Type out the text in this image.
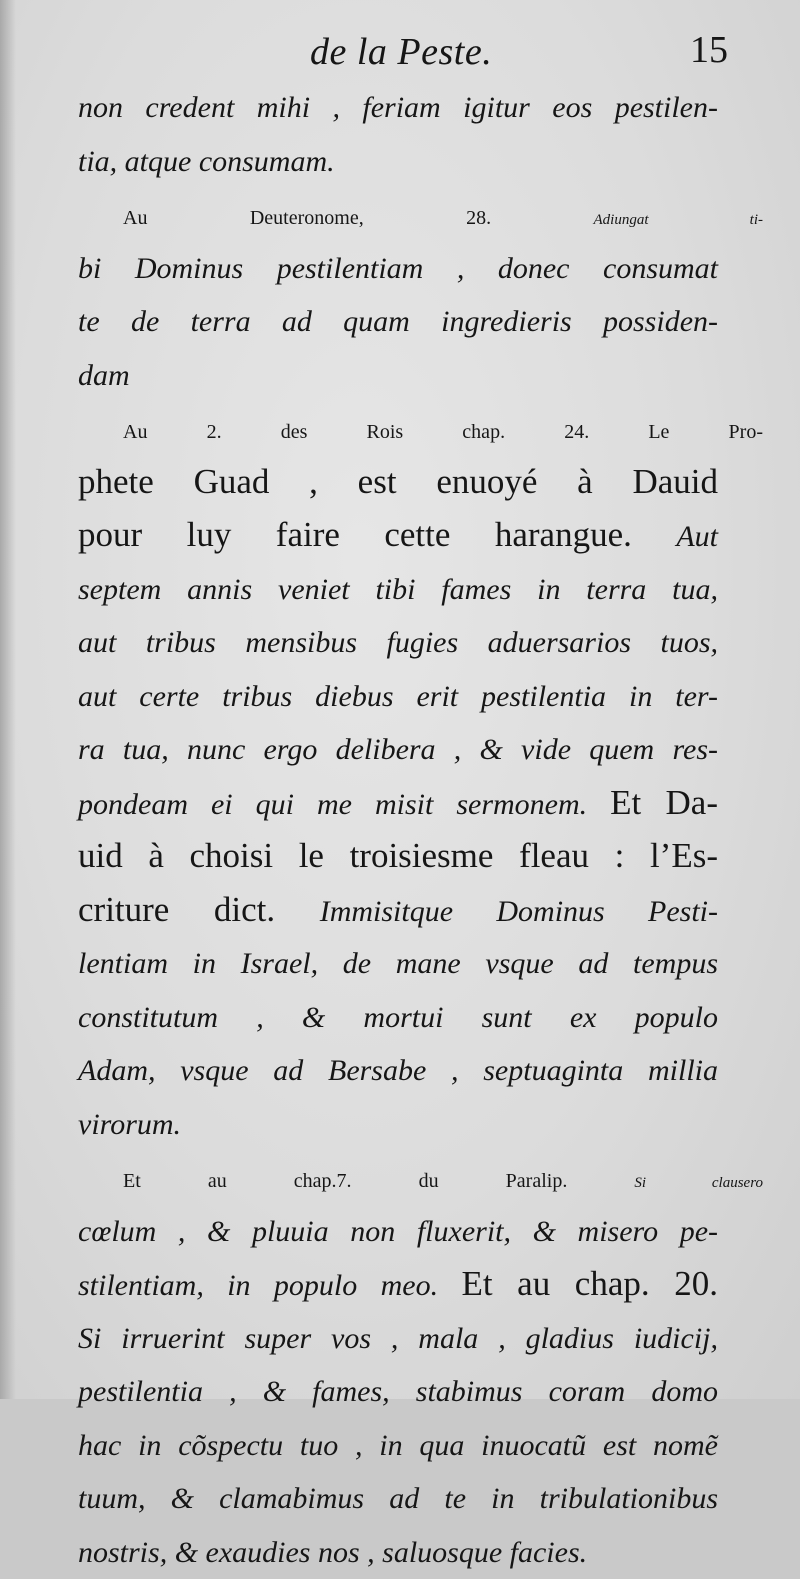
de la Peste.	15
non credent mihi , feriam igitur eos pestilen-
tia, atque consumam.
Au Deuteronome, 28. Adiungat ti-
bi Dominus pestilentiam , donec consumat
te de terra ad quam ingredieris possiden-
dam
Au 2. des Rois chap. 24. Le Pro-
phete Guad , est enuoyé à Dauid
pour luy faire cette harangue. Aut
septem annis veniet tibi fames in terra tua,
aut tribus mensibus fugies aduersarios tuos,
aut certe tribus diebus erit pestilentia in ter-
ra tua, nunc ergo delibera , & vide quem res-
pondeam ei qui me misit sermonem. Et Da-
uid à choisi le troisiesme fleau : l’Es-
criture dict. Immisitque Dominus Pesti-
lentiam in Israel, de mane vsque ad tempus
constitutum , & mortui sunt ex populo
Adam, vsque ad Bersabe , septuaginta millia
virorum.
Et au chap.7. du Paralip. Si clausero
cœlum , & pluuia non fluxerit, & misero pe-
stilentiam, in populo meo. Et au chap. 20.
Si irruerint super vos , mala , gladius iudicij,
pestilentia , & fames, stabimus coram domo
hac in cõspectu tuo , in qua inuocatũ est nomẽ
tuum, & clamabimus ad te in tribulationibus
nostris, & exaudies nos , saluosque facies.
